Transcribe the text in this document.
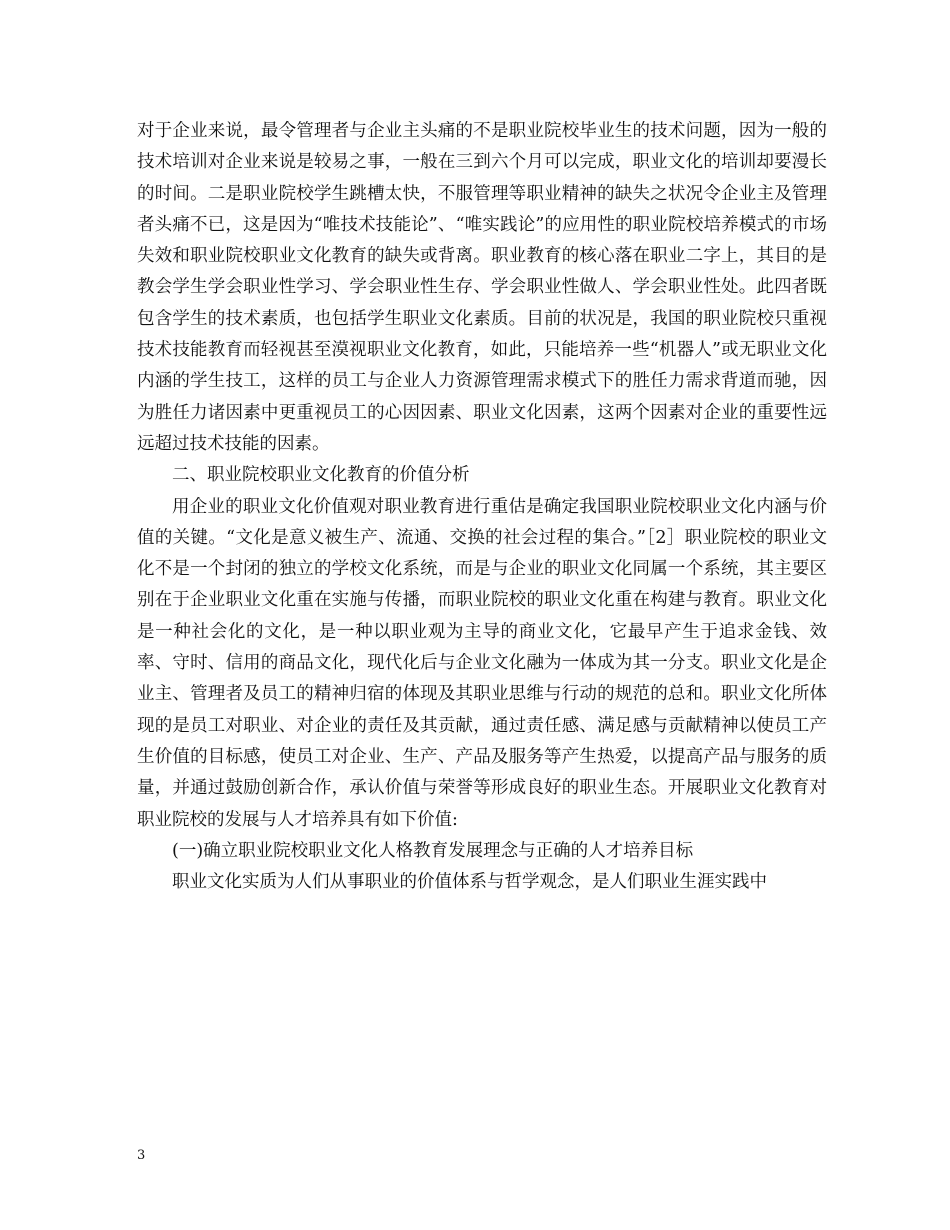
对于企业来说，最令管理者与企业主头痛的不是职业院校毕业生的技术问题，因为一般的技术培训对企业来说是较易之事，一般在三到六个月可以完成，职业文化的培训却要漫长的时间。二是职业院校学生跳槽太快，不服管理等职业精神的缺失之状况令企业主及管理者头痛不已，这是因为“唯技术技能论”、“唯实践论”的应用性的职业院校培养模式的市场失效和职业院校职业文化教育的缺失或背离。职业教育的核心落在职业二字上，其目的是教会学生学会职业性学习、学会职业性生存、学会职业性做人、学会职业性处。此四者既包含学生的技术素质，也包括学生职业文化素质。目前的状况是，我国的职业院校只重视技术技能教育而轻视甚至漠视职业文化教育，如此，只能培养一些“机器人”或无职业文化内涵的学生技工，这样的员工与企业人力资源管理需求模式下的胜任力需求背道而驰，因为胜任力诸因素中更重视员工的心因因素、职业文化因素，这两个因素对企业的重要性远远超过技术技能的因素。

二、职业院校职业文化教育的价值分析

用企业的职业文化价值观对职业教育进行重估是确定我国职业院校职业文化内涵与价值的关键。“文化是意义被生产、流通、交换的社会过程的集合。”［2］职业院校的职业文化不是一个封闭的独立的学校文化系统，而是与企业的职业文化同属一个系统，其主要区别在于企业职业文化重在实施与传播，而职业院校的职业文化重在构建与教育。职业文化是一种社会化的文化，是一种以职业观为主导的商业文化，它最早产生于追求金钱、效率、守时、信用的商品文化，现代化后与企业文化融为一体成为其一分支。职业文化是企业主、管理者及员工的精神归宿的体现及其职业思维与行动的规范的总和。职业文化所体现的是员工对职业、对企业的责任及其贡献，通过责任感、满足感与贡献精神以使员工产生价值的目标感，使员工对企业、生产、产品及服务等产生热爱，以提高产品与服务的质量，并通过鼓励创新合作，承认价值与荣誉等形成良好的职业生态。开展职业文化教育对职业院校的发展与人才培养具有如下价值:

(一)确立职业院校职业文化人格教育发展理念与正确的人才培养目标

职业文化实质为人们从事职业的价值体系与哲学观念，是人们职业生涯实践中

3
